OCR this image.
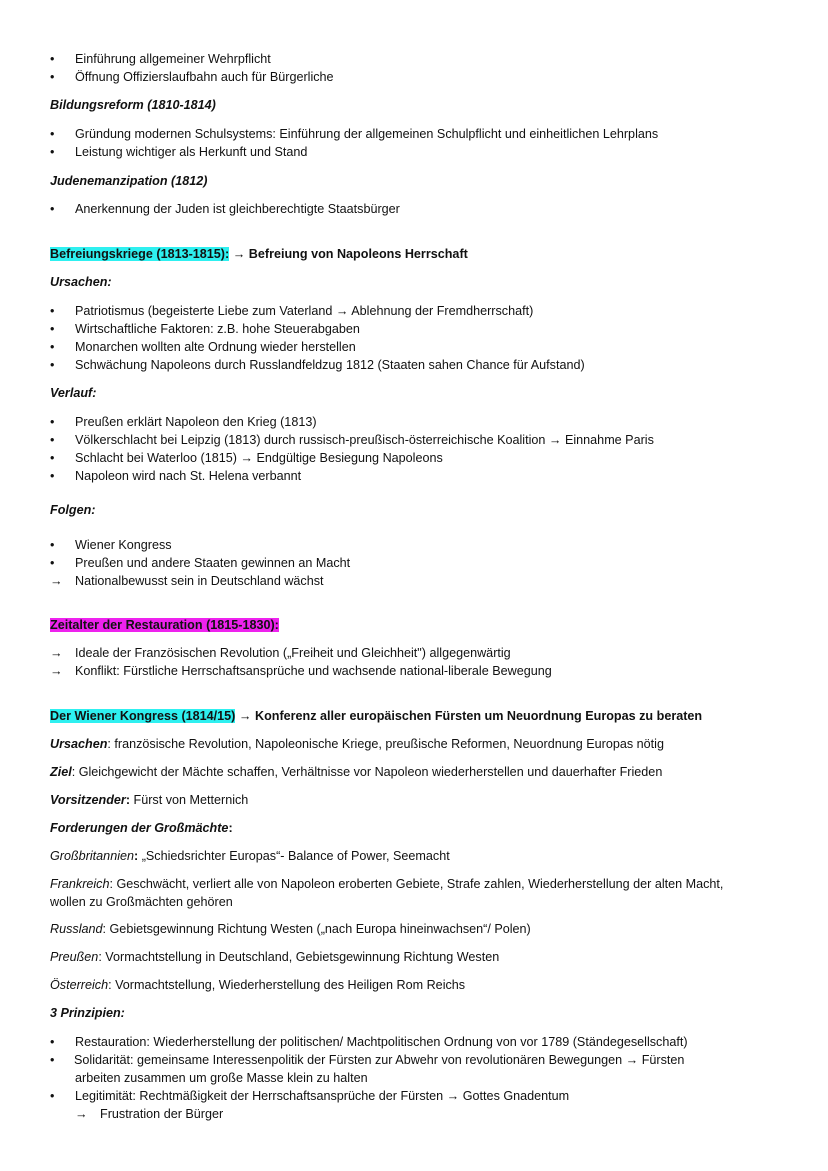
• Einführung allgemeiner Wehrpflicht
• Öffnung Offizierslaufbahn auch für Bürgerliche
Bildungsreform (1810-1814)
• Gründung modernen Schulsystems: Einführung der allgemeinen Schulpflicht und einheitlichen Lehrplans
• Leistung wichtiger als Herkunft und Stand
Judenemanzipation (1812)
• Anerkennung der Juden ist gleichberechtigte Staatsbürger
Befreiungskriege (1813-1815): → Befreiung von Napoleons Herrschaft
Ursachen:
• Patriotismus (begeisterte Liebe zum Vaterland → Ablehnung der Fremdherrschaft)
• Wirtschaftliche Faktoren: z.B. hohe Steuerabgaben
• Monarchen wollten alte Ordnung wieder herstellen
• Schwächung Napoleons durch Russlandfeldzug 1812 (Staaten sahen Chance für Aufstand)
Verlauf:
• Preußen erklärt Napoleon den Krieg (1813)
• Völkerschlacht bei Leipzig (1813) durch russisch-preußisch-österreichische Koalition → Einnahme Paris
• Schlacht bei Waterloo (1815) → Endgültige Besiegung Napoleons
• Napoleon wird nach St. Helena verbannt
Folgen:
• Wiener Kongress
• Preußen und andere Staaten gewinnen an Macht
→ Nationalbewusst sein in Deutschland wächst
Zeitalter der Restauration (1815-1830):
→ Ideale der Französischen Revolution („Freiheit und Gleichheit") allgegenwärtig
→ Konflikt: Fürstliche Herrschaftsansprüche und wachsende national-liberale Bewegung
Der Wiener Kongress (1814/15) → Konferenz aller europäischen Fürsten um Neuordnung Europas zu beraten
Ursachen: französische Revolution, Napoleonische Kriege, preußische Reformen, Neuordnung Europas nötig
Ziel: Gleichgewicht der Mächte schaffen, Verhältnisse vor Napoleon wiederherstellen und dauerhafter Frieden
Vorsitzender: Fürst von Metternich
Forderungen der Großmächte:
Großbritannien: „Schiedsrichter Europas“- Balance of Power, Seemacht
Frankreich: Geschwächt, verliert alle von Napoleon eroberten Gebiete, Strafe zahlen, Wiederherstellung der alten Macht,
wollen zu Großmächten gehören
Russland: Gebietsgewinnung Richtung Westen („nach Europa hineinwachsen“/ Polen)
Preußen: Vormachtstellung in Deutschland, Gebietsgewinnung Richtung Westen
Österreich: Vormachtstellung, Wiederherstellung des Heiligen Rom Reichs
3 Prinzipien:
• Restauration: Wiederherstellung der politischen/ Machtpolitischen Ordnung von vor 1789 (Ständegesellschaft)
• Solidarität: gemeinsame Interessenpolitik der Fürsten zur Abwehr von revolutionären Bewegungen → Fürsten
arbeiten zusammen um große Masse klein zu halten
• Legitimität: Rechtmäßigkeit der Herrschaftsansprüche der Fürsten → Gottes Gnadentum
→ Frustration der Bürger
